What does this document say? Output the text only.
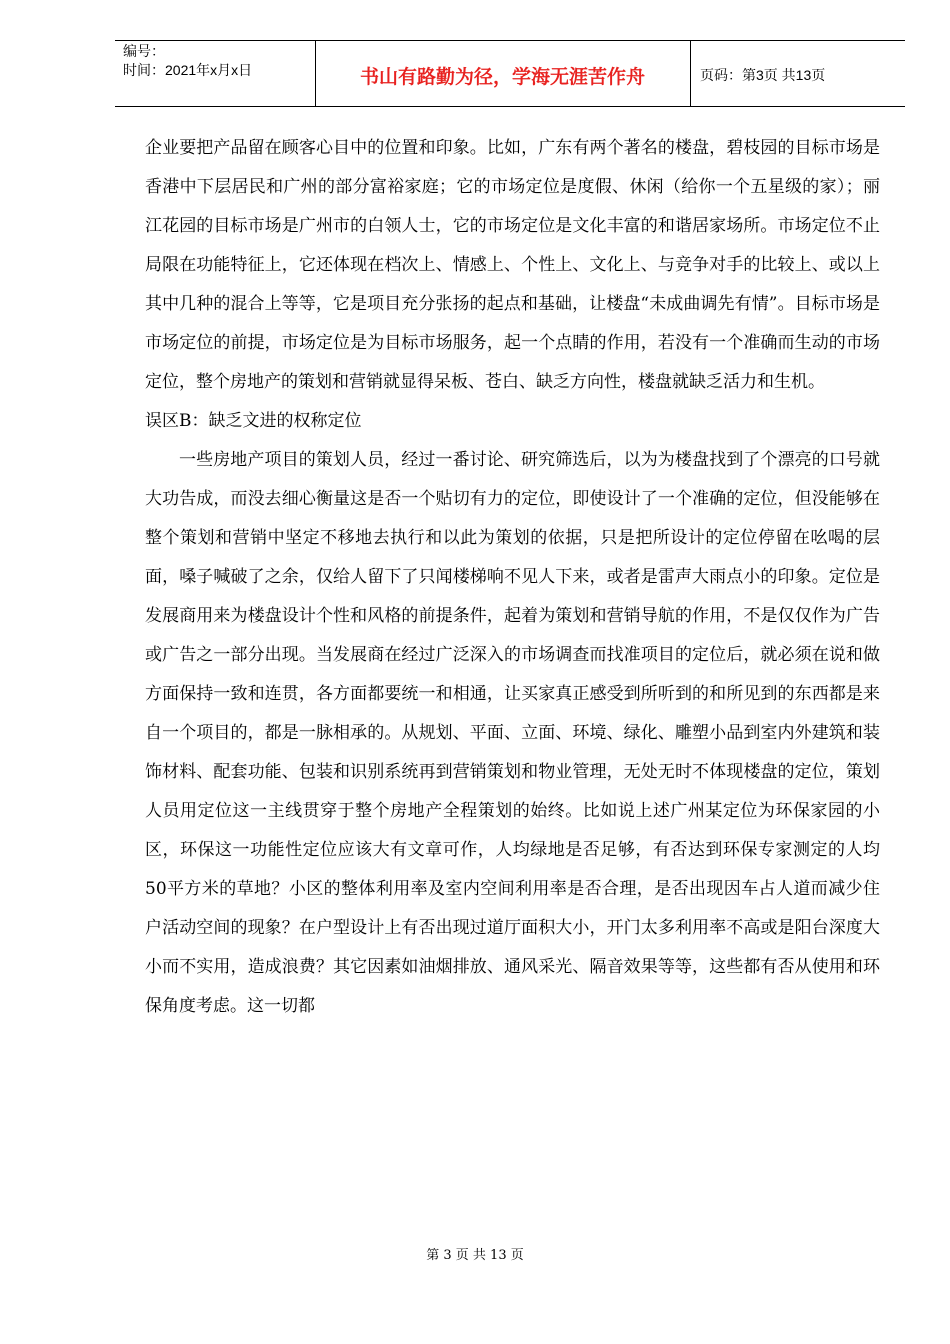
编号：
时间：2021年x月x日	书山有路勤为径，学海无涯苦作舟	页码：第3页 共13页

企业要把产品留在顾客心目中的位置和印象。比如，广东有两个著名的楼盘，碧枝园的目标市场是香港中下层居民和广州的部分富裕家庭；它的市场定位是度假、休闲（给你一个五星级的家）；丽江花园的目标市场是广州市的白领人士，它的市场定位是文化丰富的和谐居家场所。市场定位不止局限在功能特征上，它还体现在档次上、情感上、个性上、文化上、与竞争对手的比较上、或以上其中几种的混合上等等，它是项目充分张扬的起点和基础，让楼盘“未成曲调先有情”。目标市场是市场定位的前提，市场定位是为目标市场服务，起一个点睛的作用，若没有一个准确而生动的市场定位，整个房地产的策划和营销就显得呆板、苍白、缺乏方向性，楼盘就缺乏活力和生机。

误区B：缺乏文进的权称定位

一些房地产项目的策划人员，经过一番讨论、研究筛选后，以为为楼盘找到了个漂亮的口号就大功告成，而没去细心衡量这是否一个贴切有力的定位，即使设计了一个准确的定位，但没能够在整个策划和营销中坚定不移地去执行和以此为策划的依据，只是把所设计的定位停留在吆喝的层面，嗓子喊破了之余，仅给人留下了只闻楼梯响不见人下来，或者是雷声大雨点小的印象。定位是发展商用来为楼盘设计个性和风格的前提条件，起着为策划和营销导航的作用，不是仅仅作为广告或广告之一部分出现。当发展商在经过广泛深入的市场调查而找准项目的定位后，就必须在说和做方面保持一致和连贯，各方面都要统一和相通，让买家真正感受到所听到的和所见到的东西都是来自一个项目的，都是一脉相承的。从规划、平面、立面、环境、绿化、雕塑小品到室内外建筑和装饰材料、配套功能、包装和识别系统再到营销策划和物业管理，无处无时不体现楼盘的定位，策划人员用定位这一主线贯穿于整个房地产全程策划的始终。比如说上述广州某定位为环保家园的小区，环保这一功能性定位应该大有文章可作，人均绿地是否足够，有否达到环保专家测定的人均50平方米的草地？小区的整体利用率及室内空间利用率是否合理，是否出现因车占人道而减少住户活动空间的现象？在户型设计上有否出现过道厅面积大小，开门太多利用率不高或是阳台深度大小而不实用，造成浪费？其它因素如油烟排放、通风采光、隔音效果等等，这些都有否从使用和环保角度考虑。这一切都

第 3 页 共 13 页
